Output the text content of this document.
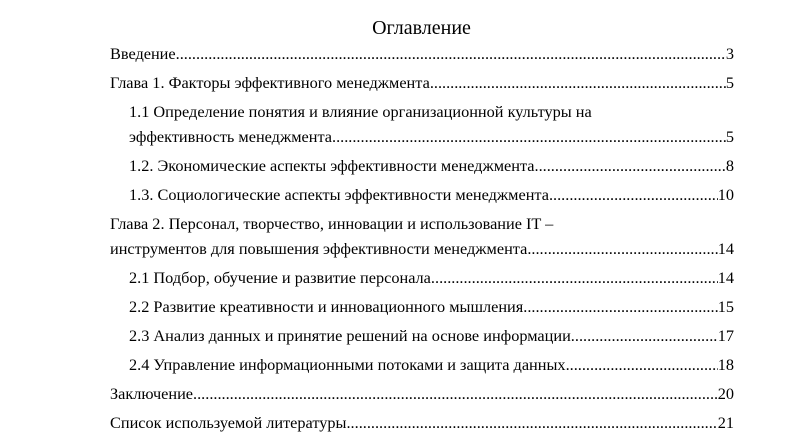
Оглавление
Введение .....	3
Глава 1. Факторы эффективного менеджмента .....	5
1.1 Определение понятия и влияние организационной культуры на
эффективность менеджмента .....	5
1.2. Экономические аспекты эффективности менеджмента .....	8
1.3. Социологические аспекты эффективности менеджмента .....	10
Глава 2. Персонал, творчество, инновации и использование IT –
инструментов для повышения эффективности менеджмента .....	14
2.1 Подбор, обучение и развитие персонала .....	14
2.2 Развитие креативности и инновационного мышления .....	15
2.3 Анализ данных и принятие решений на основе информации .....	17
2.4 Управление информационными потоками и защита данных .....	18
Заключение .....	20
Список используемой литературы .....	21
